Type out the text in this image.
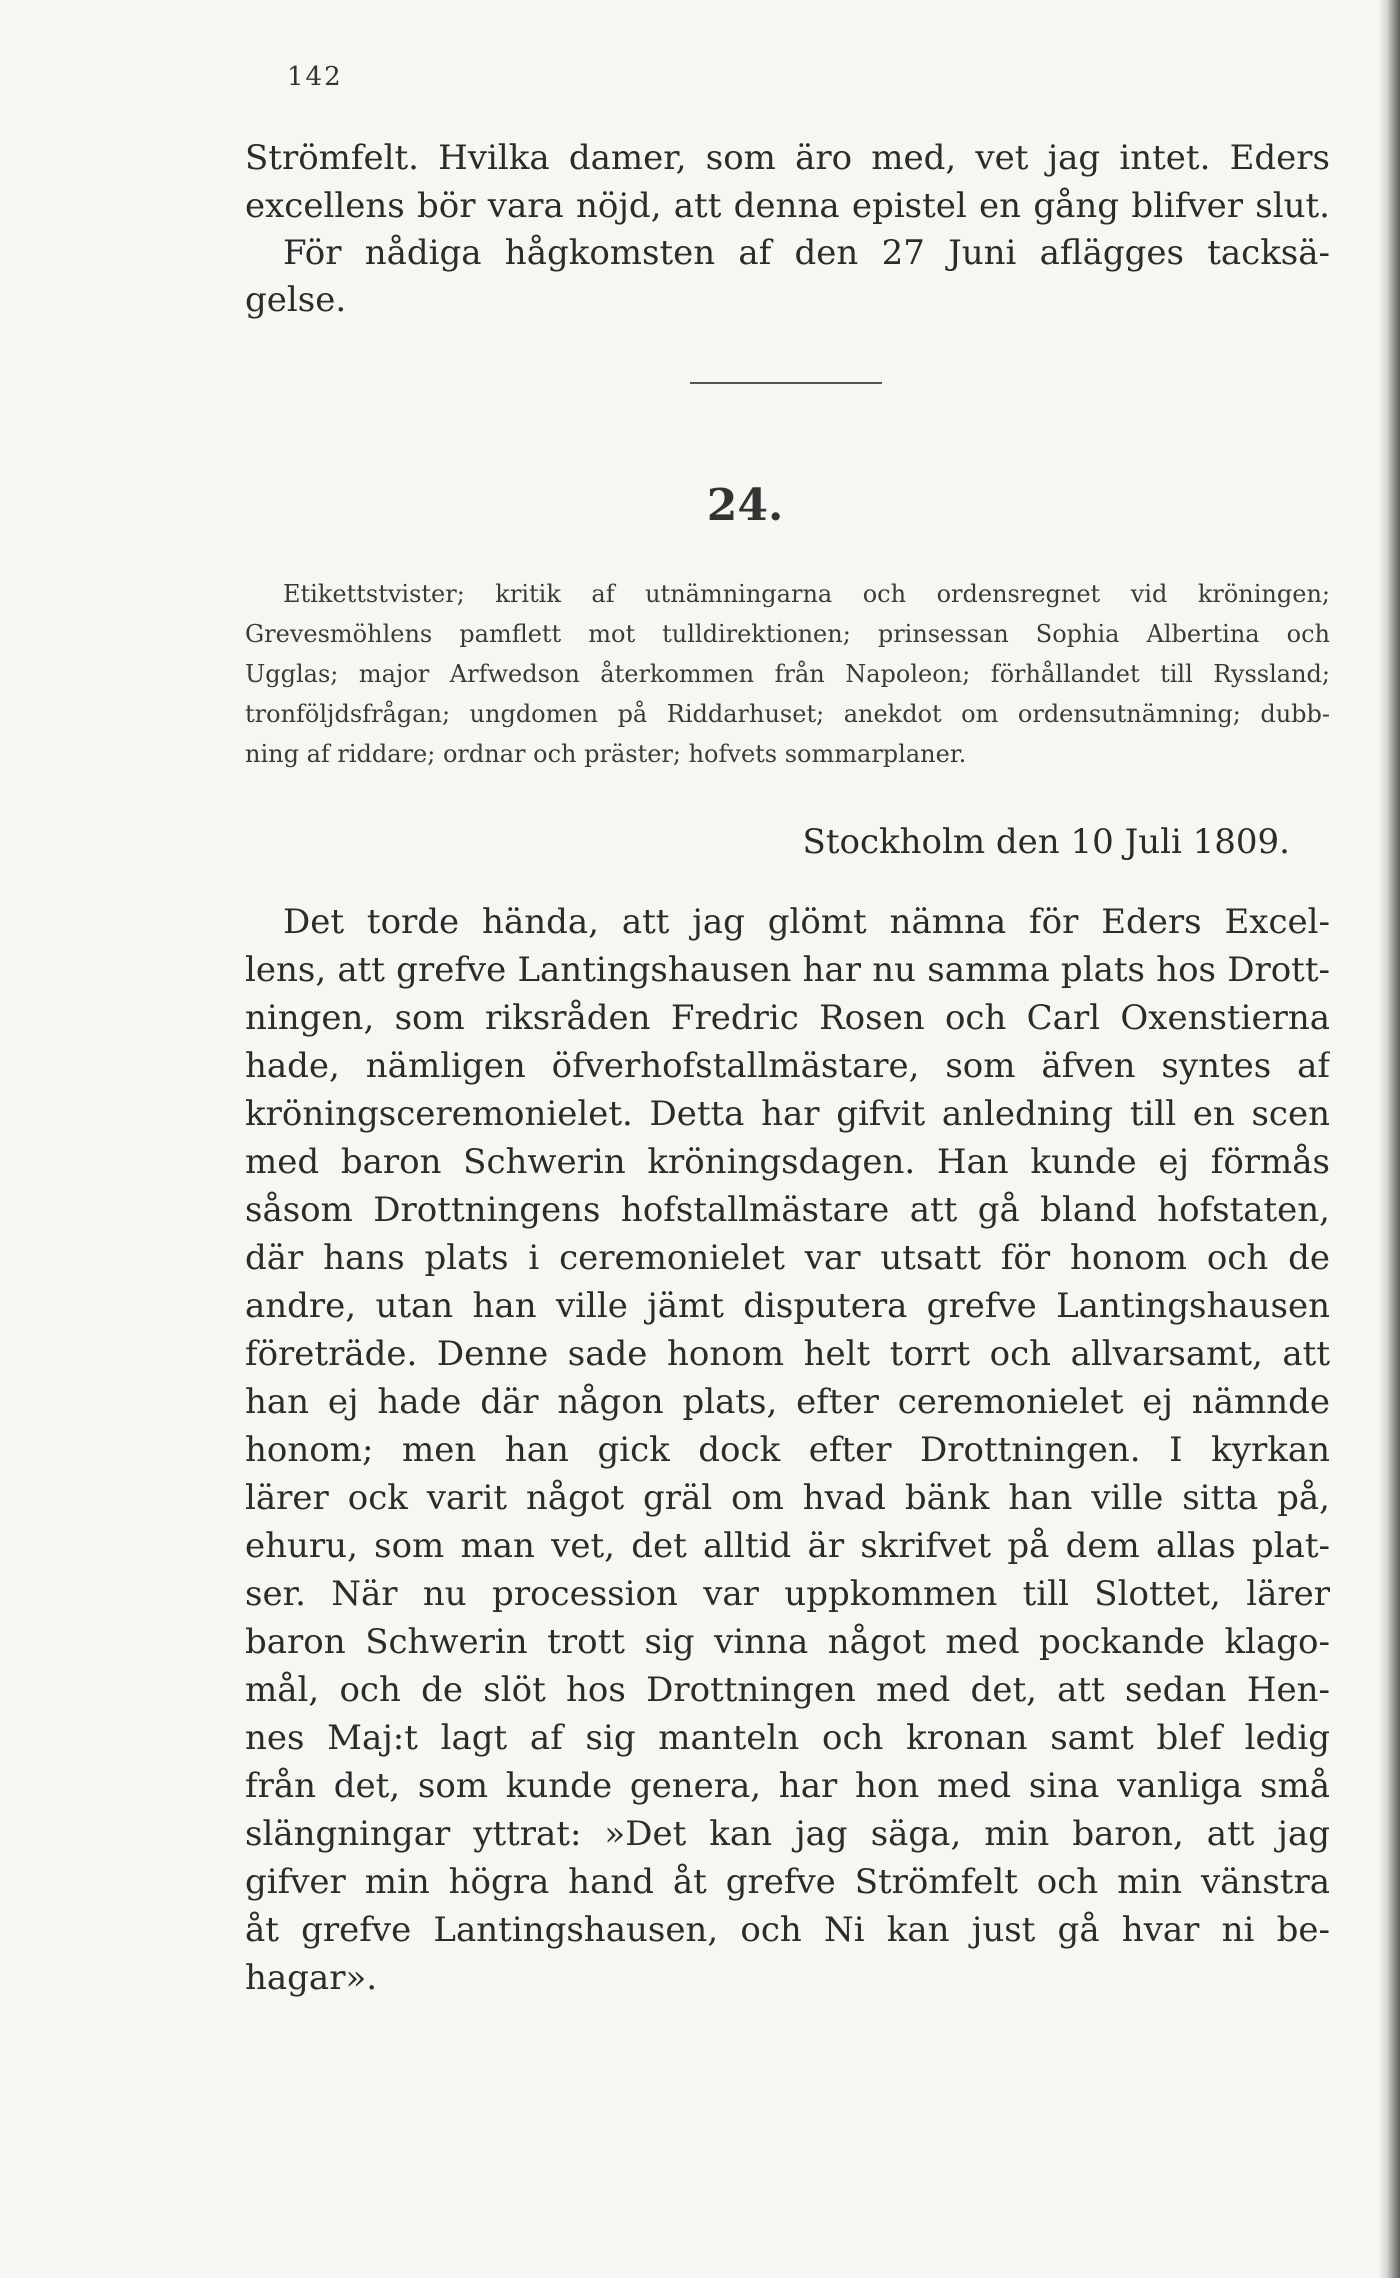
142
Strömfelt. Hvilka damer, som äro med, vet jag intet. Eders
excellens bör vara nöjd, att denna epistel en gång blifver slut.
För nådiga hågkomsten af den 27 Juni aflägges tacksä-
gelse.
24.
Etikettstvister; kritik af utnämningarna och ordensregnet vid kröningen;
Grevesmöhlens pamflett mot tulldirektionen; prinsessan Sophia Albertina och
Ugglas; major Arfwedson återkommen från Napoleon; förhållandet till Ryssland;
tronföljdsfrågan; ungdomen på Riddarhuset; anekdot om ordensutnämning; dubb-
ning af riddare; ordnar och präster; hofvets sommarplaner.
Stockholm den 10 Juli 1809.
Det torde hända, att jag glömt nämna för Eders Excel-
lens, att grefve Lantingshausen har nu samma plats hos Drott-
ningen, som riksråden Fredric Rosen och Carl Oxenstierna
hade, nämligen öfverhofstallmästare, som äfven syntes af
kröningsceremonielet. Detta har gifvit anledning till en scen
med baron Schwerin kröningsdagen. Han kunde ej förmås
såsom Drottningens hofstallmästare att gå bland hofstaten,
där hans plats i ceremonielet var utsatt för honom och de
andre, utan han ville jämt disputera grefve Lantingshausen
företräde. Denne sade honom helt torrt och allvarsamt, att
han ej hade där någon plats, efter ceremonielet ej nämnde
honom; men han gick dock efter Drottningen. I kyrkan
lärer ock varit något gräl om hvad bänk han ville sitta på,
ehuru, som man vet, det alltid är skrifvet på dem allas plat-
ser. När nu procession var uppkommen till Slottet, lärer
baron Schwerin trott sig vinna något med pockande klago-
mål, och de slöt hos Drottningen med det, att sedan Hen-
nes Maj:t lagt af sig manteln och kronan samt blef ledig
från det, som kunde genera, har hon med sina vanliga små
slängningar yttrat: »Det kan jag säga, min baron, att jag
gifver min högra hand åt grefve Strömfelt och min vänstra
åt grefve Lantingshausen, och Ni kan just gå hvar ni be-
hagar».
